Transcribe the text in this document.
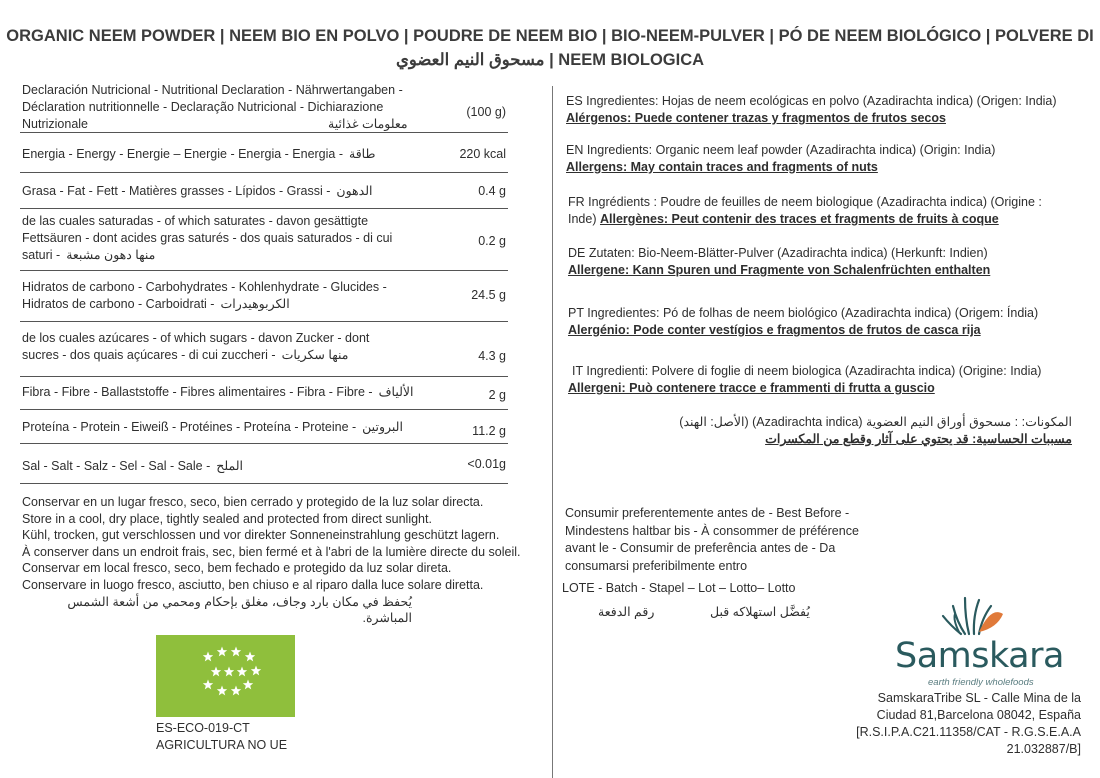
ORGANIC NEEM POWDER | NEEM BIO EN POLVO | POUDRE DE NEEM BIO | BIO-NEEM-PULVER | PÓ DE NEEM BIOLÓGICO | POLVERE DI
مسحوق النيم العضوي | NEEM BIOLOGICA
Declaración Nutricional - Nutritional Declaration - Nährwertangaben - Déclaration nutritionnelle - Declaração Nutricional - Dichiarazione Nutrizionale	معلومات غذائية
(100 g)
Energia - Energy - Energie – Energie - Energia - Energia - طاقة	220 kcal
Grasa - Fat - Fett - Matières grasses - Lípidos - Grassi - الدهون	0.4 g
de las cuales saturadas - of which saturates - davon gesättigte Fettsäuren - dont acides gras saturés - dos quais saturados - di cui saturi - منها دهون مشبعة
0.2 g
Hidratos de carbono - Carbohydrates - Kohlenhydrate - Glucides - Hidratos de carbono - Carboidrati - الكربوهيدرات
24.5 g
de los cuales azúcares - of which sugars - davon Zucker - dont sucres - dos quais açúcares - di cui zuccheri - منها سكريات	4.3 g
Fibra - Fibre - Ballaststoffe - Fibres alimentaires - Fibra - Fibre - الألياف	2 g
Proteína - Protein - Eiweiß - Protéines - Proteína - Proteine - البروتين	11.2 g
Sal - Salt - Salz - Sel - Sal - Sale - الملح	<0.01g
Conservar en un lugar fresco, seco, bien cerrado y protegido de la luz solar directa.
Store in a cool, dry place, tightly sealed and protected from direct sunlight.
Kühl, trocken, gut verschlossen und vor direkter Sonneneinstrahlung geschützt lagern.
À conserver dans un endroit frais, sec, bien fermé et à l'abri de la lumière directe du soleil.
Conservar em local fresco, seco, bem fechado e protegido da luz solar direta.
Conservare in luogo fresco, asciutto, ben chiuso e al riparo dalla luce solare diretta.
يُحفظ في مكان بارد وجاف، مغلق بإحكام ومحمي من أشعة الشمس المباشرة.
ES-ECO-019-CT
AGRICULTURA NO UE
ES Ingredientes: Hojas de neem ecológicas en polvo (Azadirachta indica) (Origen: India)
Alérgenos: Puede contener trazas y fragmentos de frutos secos
EN Ingredients: Organic neem leaf powder (Azadirachta indica) (Origin: India)
Allergens: May contain traces and fragments of nuts
FR Ingrédients : Poudre de feuilles de neem biologique (Azadirachta indica) (Origine : Inde) Allergènes: Peut contenir des traces et fragments de fruits à coque
DE Zutaten: Bio-Neem-Blätter-Pulver (Azadirachta indica) (Herkunft: Indien)
Allergene: Kann Spuren und Fragmente von Schalenfrüchten enthalten
PT Ingredientes: Pó de folhas de neem biológico (Azadirachta indica) (Origem: Índia)
Alergénio: Pode conter vestígios e fragmentos de frutos de casca rija
IT Ingredienti: Polvere di foglie di neem biologica (Azadirachta indica) (Origine: India)
Allergeni: Può contenere tracce e frammenti di frutta a guscio
المكونات: : مسحوق أوراق النيم العضوية (Azadirachta indica) (الأصل: الهند)
مسببات الحساسية: قد يحتوي على آثار وقطع من المكسرات
Consumir preferentemente antes de - Best Before - Mindestens haltbar bis - À consommer de préférence avant le - Consumir de preferência antes de - Da consumarsi preferibilmente entro
LOTE - Batch - Stapel – Lot – Lotto– Lotto
رقم الدفعة	يُفضَّل استهلاكه قبل
Samskara
earth friendly wholefoods
SamskaraTribe SL - Calle Mina de la Ciudad 81,Barcelona 08042, España [R.S.I.P.A.C21.11358/CAT - R.G.S.E.A.A 21.032887/B]
